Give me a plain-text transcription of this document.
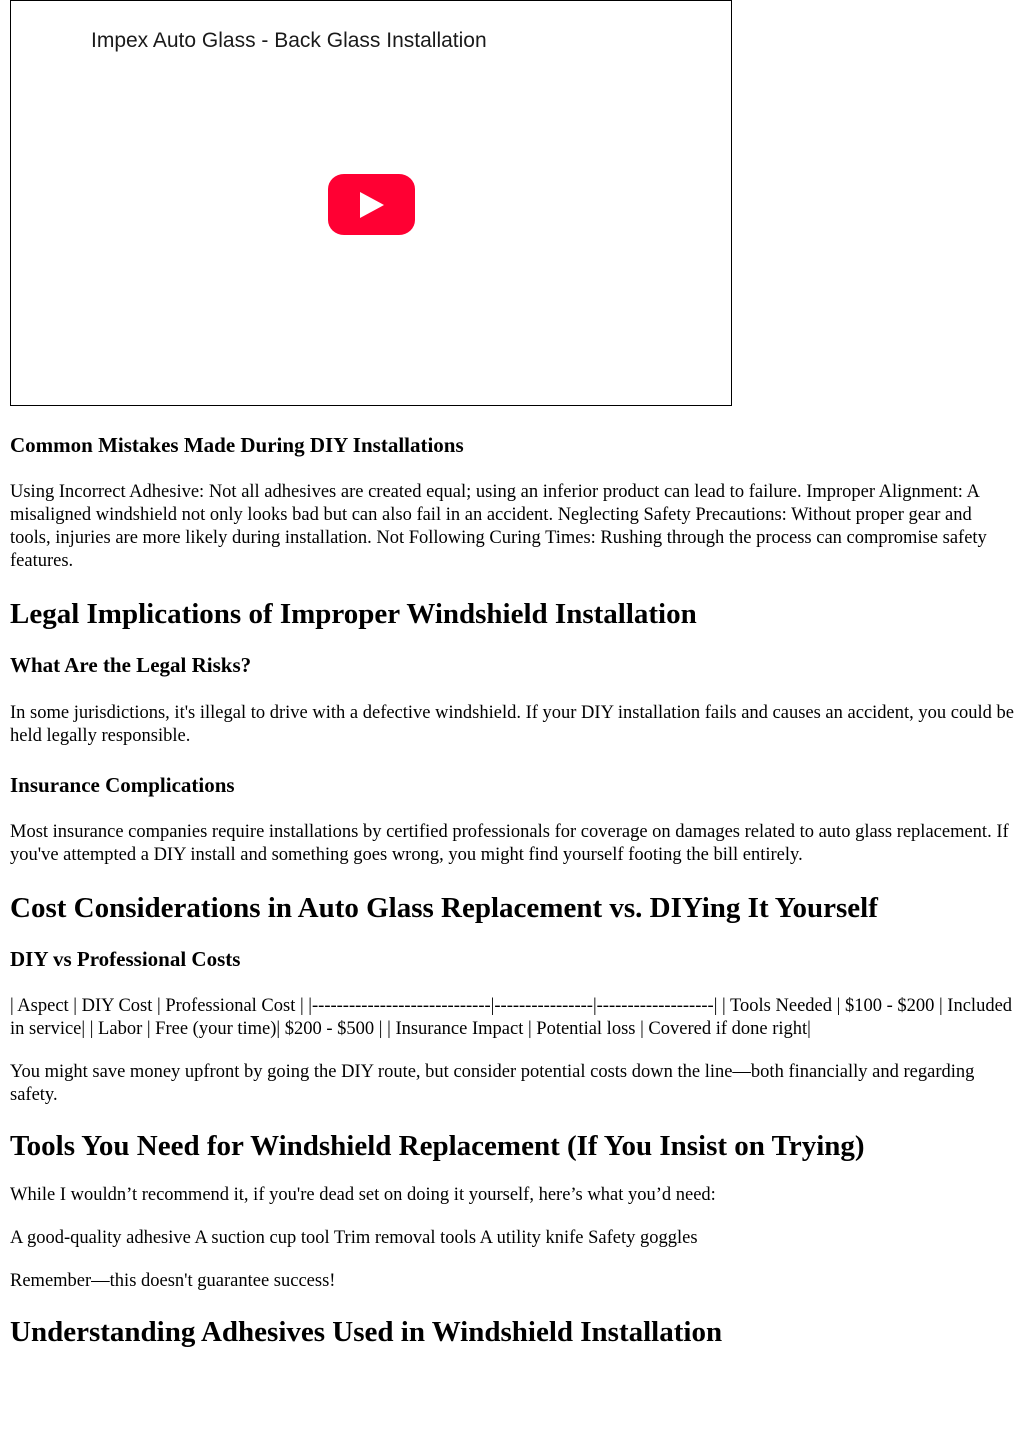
Impex Auto Glass - Back Glass Installation
Common Mistakes Made During DIY Installations

Using Incorrect Adhesive: Not all adhesives are created equal; using an inferior product can lead to failure. Improper Alignment: A misaligned windshield not only looks bad but can also fail in an accident. Neglecting Safety Precautions: Without proper gear and tools, injuries are more likely during installation. Not Following Curing Times: Rushing through the process can compromise safety features.

Legal Implications of Improper Windshield Installation
What Are the Legal Risks?

In some jurisdictions, it's illegal to drive with a defective windshield. If your DIY installation fails and causes an accident, you could be held legally responsible.

Insurance Complications

Most insurance companies require installations by certified professionals for coverage on damages related to auto glass replacement. If you've attempted a DIY install and something goes wrong, you might find yourself footing the bill entirely.

Cost Considerations in Auto Glass Replacement vs. DIYing It Yourself
DIY vs Professional Costs

| Aspect | DIY Cost | Professional Cost | |-----------------------------|----------------|-------------------| | Tools Needed | $100 - $200 | Included in service| | Labor | Free (your time)| $200 - $500 | | Insurance Impact | Potential loss | Covered if done right|

You might save money upfront by going the DIY route, but consider potential costs down the line—both financially and regarding safety.

Tools You Need for Windshield Replacement (If You Insist on Trying)

While I wouldn’t recommend it, if you're dead set on doing it yourself, here’s what you’d need:

A good-quality adhesive A suction cup tool Trim removal tools A utility knife Safety goggles

Remember—this doesn't guarantee success!

Understanding Adhesives Used in Windshield Installation
